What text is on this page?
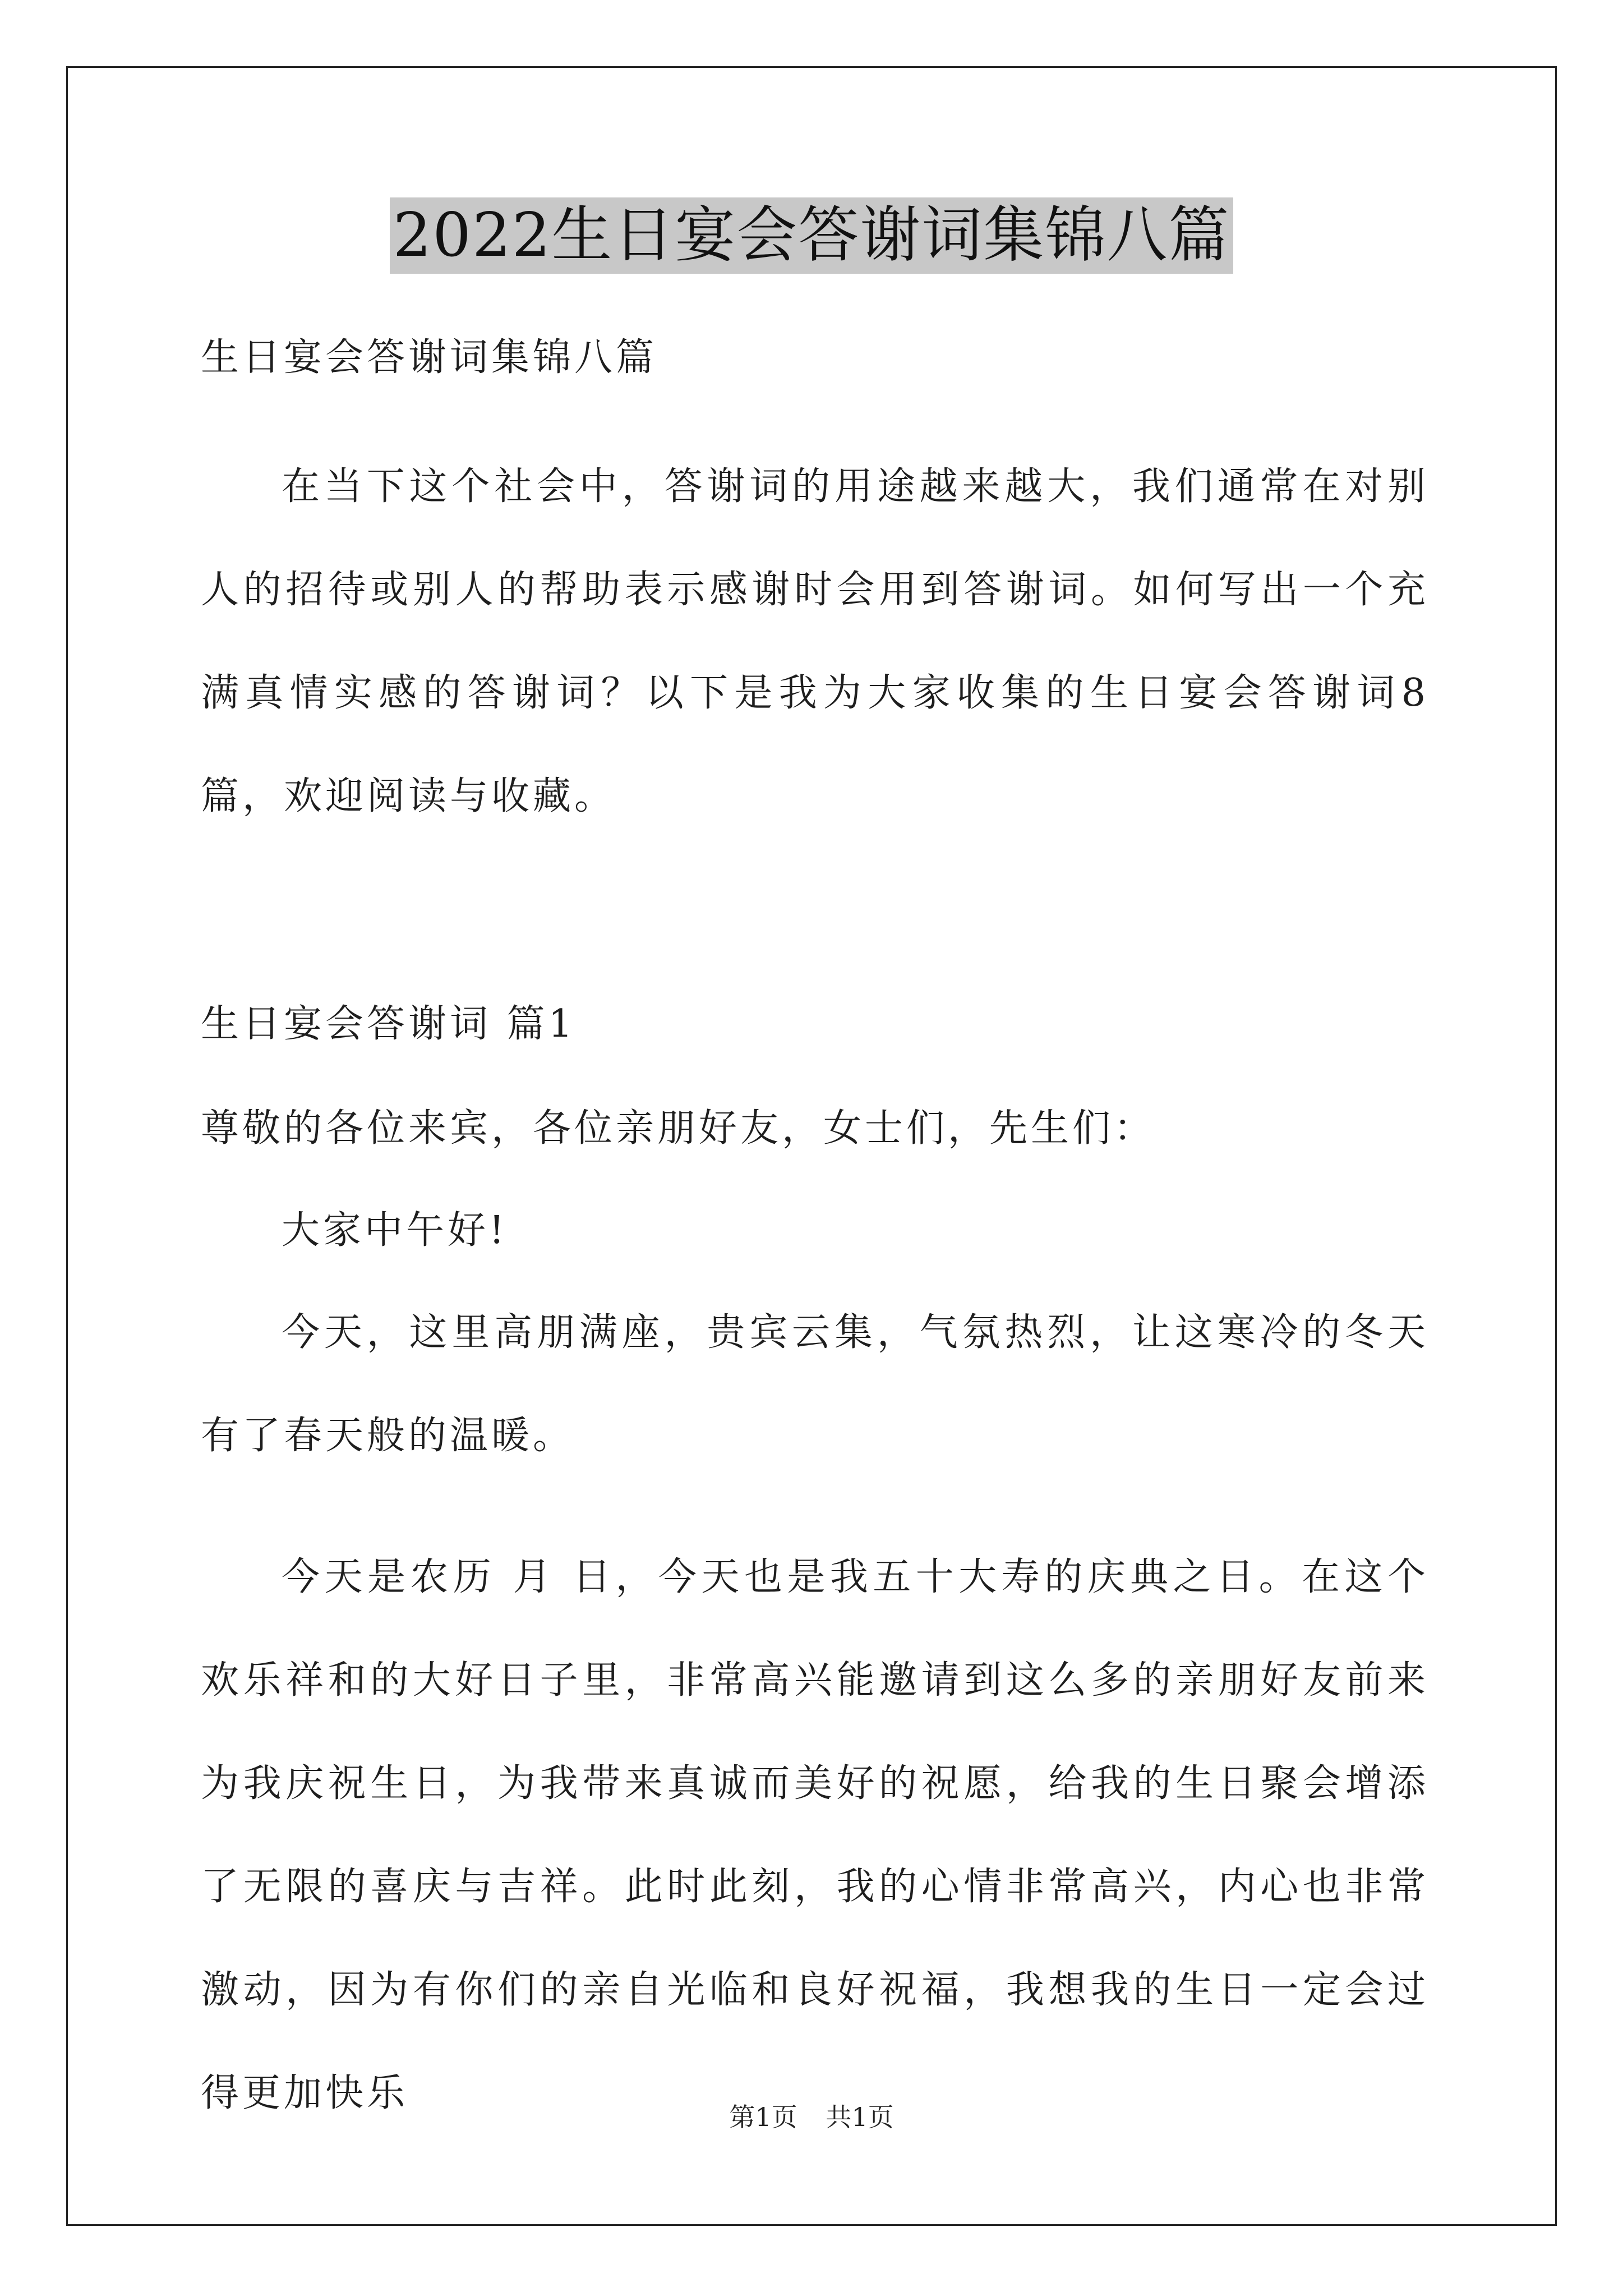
2022生日宴会答谢词集锦八篇
生日宴会答谢词集锦八篇
在当下这个社会中，答谢词的用途越来越大，我们通常在对别人的招待或别人的帮助表示感谢时会用到答谢词。如何写出一个充满真情实感的答谢词？以下是我为大家收集的生日宴会答谢词8篇，欢迎阅读与收藏。
生日宴会答谢词 篇1
尊敬的各位来宾，各位亲朋好友，女士们，先生们：
大家中午好!
今天，这里高朋满座，贵宾云集，气氛热烈，让这寒冷的冬天有了春天般的温暖。
今天是农历 月 日，今天也是我五十大寿的庆典之日。在这个欢乐祥和的大好日子里，非常高兴能邀请到这么多的亲朋好友前来为我庆祝生日，为我带来真诚而美好的祝愿，给我的生日聚会增添了无限的喜庆与吉祥。此时此刻，我的心情非常高兴，内心也非常激动，因为有你们的亲自光临和良好祝福，我想我的生日一定会过得更加快乐
第1页 共1页
